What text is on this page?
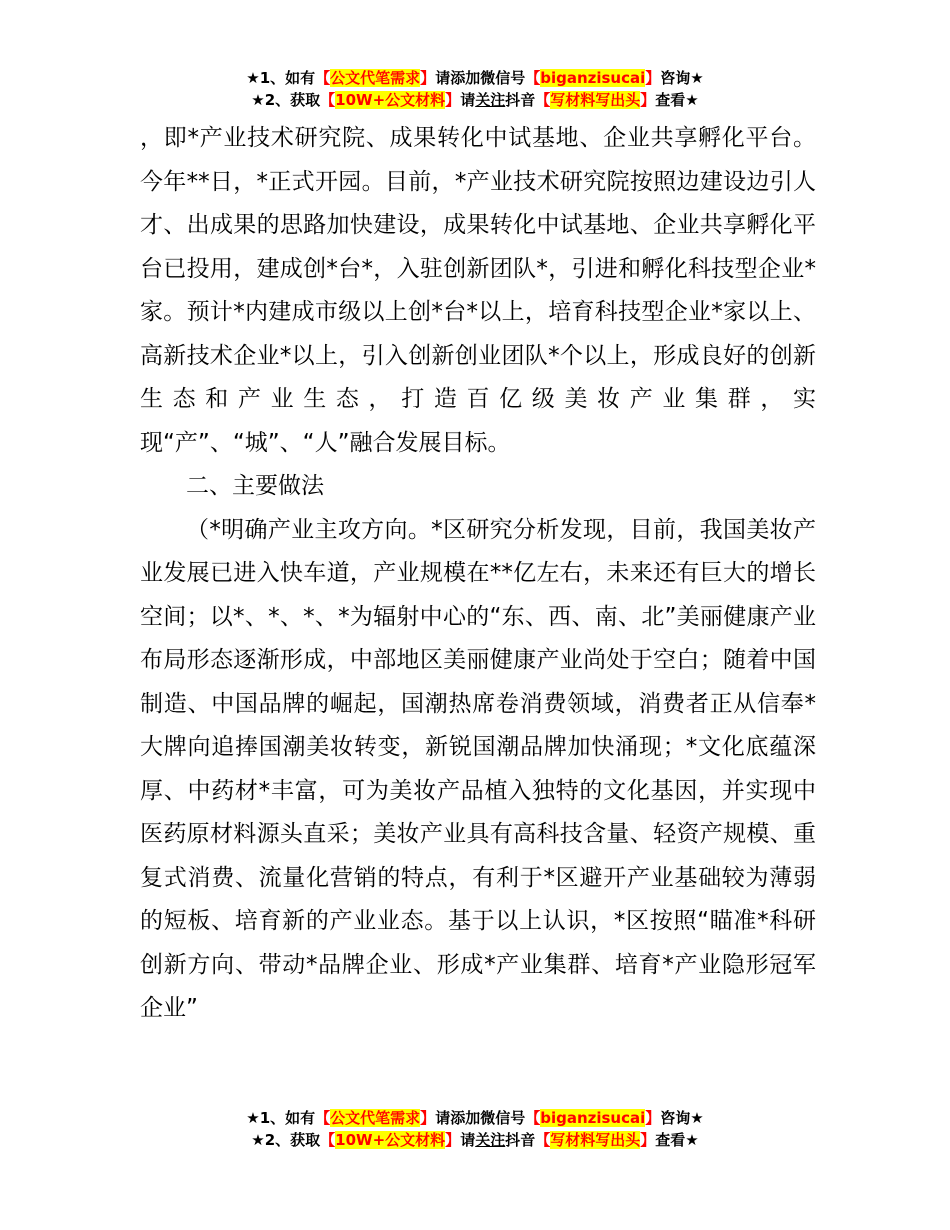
★1、如有【公文代笔需求】请添加微信号【biganzisucai】咨询★
★2、获取【10W+公文材料】请关注抖音【写材料写出头】查看★

，即*产业技术研究院、成果转化中试基地、企业共享孵化平台。今年**日，*正式开园。目前，*产业技术研究院按照边建设边引人才、出成果的思路加快建设，成果转化中试基地、企业共享孵化平台已投用，建成创*台*，入驻创新团队*，引进和孵化科技型企业*家。预计*内建成市级以上创*台*以上，培育科技型企业*家以上、高新技术企业*以上，引入创新创业团队*个以上，形成良好的创新生态和产业生态，打造百亿级美妆产业集群，实现“产”、“城”、“人”融合发展目标。

二、主要做法

（*明确产业主攻方向。*区研究分析发现，目前，我国美妆产业发展已进入快车道，产业规模在**亿左右，未来还有巨大的增长空间；以*、*、*、*为辐射中心的“东、西、南、北”美丽健康产业布局形态逐渐形成，中部地区美丽健康产业尚处于空白；随着中国制造、中国品牌的崛起，国潮热席卷消费领域，消费者正从信奉*大牌向追捧国潮美妆转变，新锐国潮品牌加快涌现；*文化底蕴深厚、中药材*丰富，可为美妆产品植入独特的文化基因，并实现中医药原材料源头直采；美妆产业具有高科技含量、轻资产规模、重复式消费、流量化营销的特点，有利于*区避开产业基础较为薄弱的短板、培育新的产业业态。基于以上认识，*区按照“瞄准*科研创新方向、带动*品牌企业、形成*产业集群、培育*产业隐形冠军企业”

★1、如有【公文代笔需求】请添加微信号【biganzisucai】咨询★
★2、获取【10W+公文材料】请关注抖音【写材料写出头】查看★
